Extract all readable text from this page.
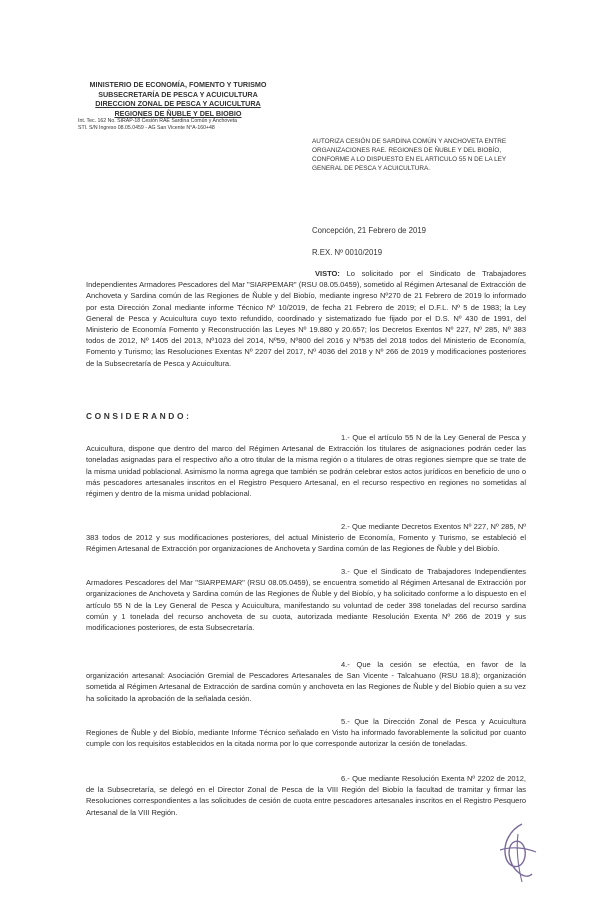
MINISTERIO DE ECONOMÍA, FOMENTO Y TURISMO
SUBSECRETARÍA DE PESCA Y ACUICULTURA
DIRECCION ZONAL DE PESCA Y ACUICULTURA
REGIONES DE ÑUBLE Y DEL BIOBIO
Int. Tec. 162 No. SIRAP-18 Cesión RAE Sardina Común y Anchoveta
STI. S/N Ingreso 08.05.0459 - AG San Vicente N°A-160+48
AUTORIZA CESIÓN DE SARDINA COMÚN Y ANCHOVETA ENTRE
ORGANIZACIONES RAE. REGIONES DE ÑUBLE Y DEL BIOBÍO,
CONFORME A LO DISPUESTO EN EL ARTICULO 55 N DE LA LEY
GENERAL DE PESCA Y ACUICULTURA.
Concepción, 21 Febrero de 2019
R.EX. Nº 0010/2019

VISTO: Lo solicitado por el Sindicato de Trabajadores Independientes Armadores Pescadores del Mar "SIARPEMAR" (RSU 08.05.0459), sometido al Régimen Artesanal de Extracción de Anchoveta y Sardina común de las Regiones de Ñuble y del Biobío, mediante ingreso Nº270 de 21 Febrero de 2019 lo informado por esta Dirección Zonal mediante informe Técnico Nº 10/2019, de fecha 21 Febrero de 2019; el D.F.L. Nº 5 de 1983; la Ley General de Pesca y Acuicultura cuyo texto refundido, coordinado y sistematizado fue fijado por el D.S. Nº 430 de 1991, del Ministerio de Economía Fomento y Reconstrucción las Leyes Nº 19.880 y 20.657; los Decretos Exentos Nº 227, Nº 285, Nº 383 todos de 2012, Nº 1405 del 2013, Nº1023 del 2014, Nº59, Nº800 del 2016 y Nº535 del 2018 todos del Ministerio de Economía, Fomento y Turismo; las Resoluciones Exentas Nº 2207 del 2017, Nº 4036 del 2018 y Nº 266 de 2019 y modificaciones posteriores de la Subsecretaría de Pesca y Acuicultura.

CONSIDERANDO:

1.- Que el artículo 55 N de la Ley General de Pesca y Acuicultura, dispone que dentro del marco del Régimen Artesanal de Extracción los titulares de asignaciones podrán ceder las toneladas asignadas para el respectivo año a otro titular de la misma región o a titulares de otras regiones siempre que se trate de la misma unidad poblacional. Asimismo la norma agrega que también se podrán celebrar estos actos jurídicos en beneficio de uno o más pescadores artesanales inscritos en el Registro Pesquero Artesanal, en el recurso respectivo en regiones no sometidas al régimen y dentro de la misma unidad poblacional.

2.- Que mediante Decretos Exentos Nº 227, Nº 285, Nº 383 todos de 2012 y sus modificaciones posteriores, del actual Ministerio de Economía, Fomento y Turismo, se estableció el Régimen Artesanal de Extracción por organizaciones de Anchoveta y Sardina común de las Regiones de Ñuble y del Biobío.

3.- Que el Sindicato de Trabajadores Independientes Armadores Pescadores del Mar "SIARPEMAR" (RSU 08.05.0459), se encuentra sometido al Régimen Artesanal de Extracción por organizaciones de Anchoveta y Sardina común de las Regiones de Ñuble y del Biobío, y ha solicitado conforme a lo dispuesto en el artículo 55 N de la Ley General de Pesca y Acuicultura, manifestando su voluntad de ceder 398 toneladas del recurso sardina común y 1 tonelada del recurso anchoveta de su cuota, autorizada mediante Resolución Exenta Nº 266 de 2019 y sus modificaciones posteriores, de esta Subsecretaría.

4.- Que la cesión se efectúa, en favor de la organización artesanal: Asociación Gremial de Pescadores Artesanales de San Vicente - Talcahuano (RSU 18.8); organización sometida al Régimen Artesanal de Extracción de sardina común y anchoveta en las Regiones de Ñuble y del Biobío quien a su vez ha solicitado la aprobación de la señalada cesión.

5.- Que la Dirección Zonal de Pesca y Acuicultura Regiones de Ñuble y del Biobío, mediante Informe Técnico señalado en Visto ha informado favorablemente la solicitud por cuanto cumple con los requisitos establecidos en la citada norma por lo que corresponde autorizar la cesión de toneladas.

6.- Que mediante Resolución Exenta Nº 2202 de 2012, de la Subsecretaría, se delegó en el Director Zonal de Pesca de la VIII Región del Biobío la facultad de tramitar y firmar las Resoluciones correspondientes a las solicitudes de cesión de cuota entre pescadores artesanales inscritos en el Registro Pesquero Artesanal de la VIII Región.
